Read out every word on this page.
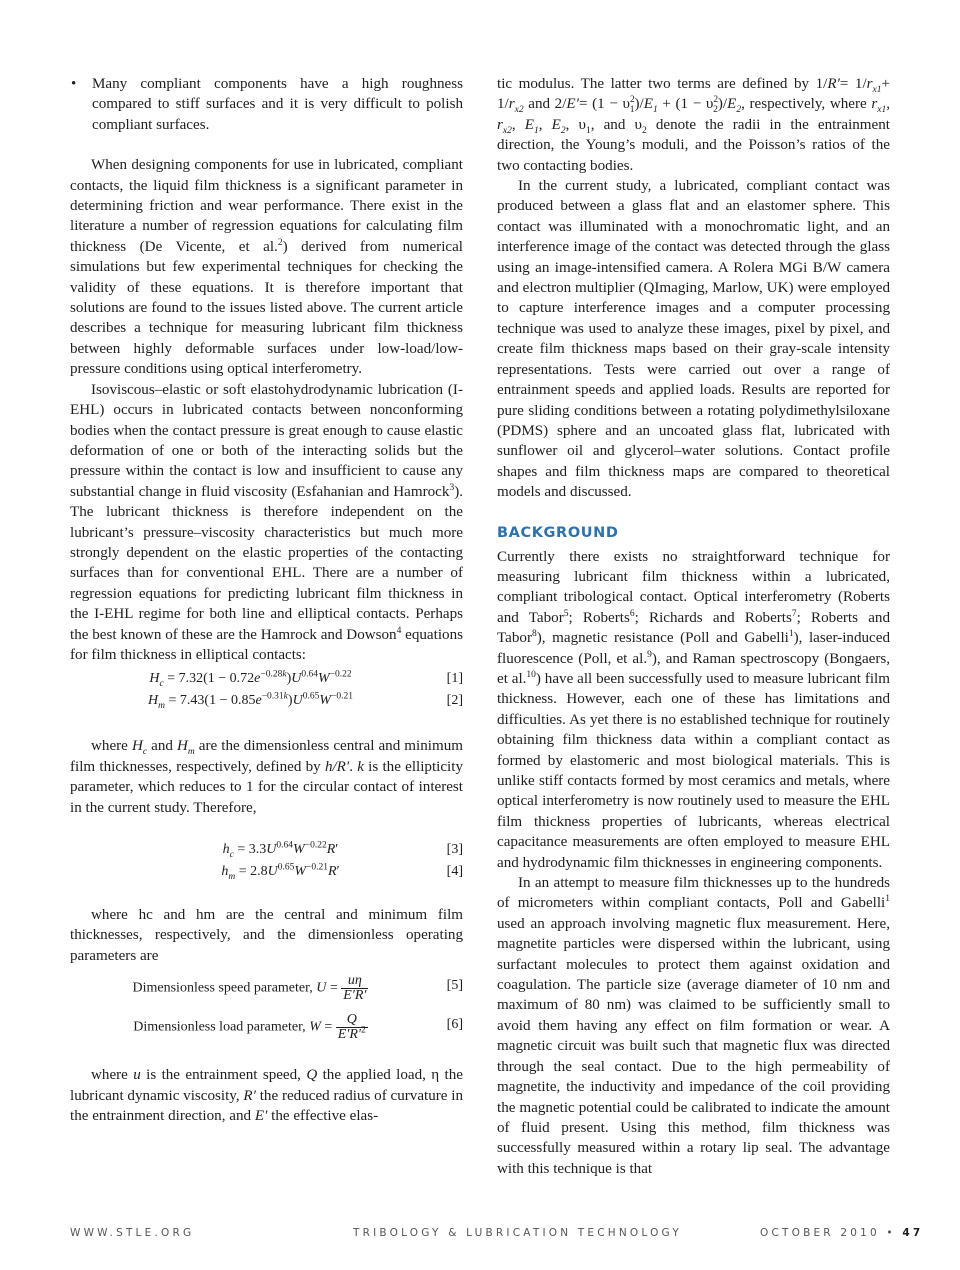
• Many compliant components have a high roughness compared to stiff surfaces and it is very difficult to polish compliant surfaces.

When designing components for use in lubricated, compliant contacts, the liquid film thickness is a significant parameter in determining friction and wear performance. There exist in the literature a number of regression equations for calculating film thickness (De Vicente, et al.$^2$) derived from numerical simulations but few experimental techniques for checking the validity of these equations. It is therefore important that solutions are found to the issues listed above. The current article describes a technique for measuring lubricant film thickness between highly deformable surfaces under low-load/low-pressure conditions using optical interferometry.

Isoviscous–elastic or soft elastohydrodynamic lubrication (I-EHL) occurs in lubricated contacts between nonconforming bodies when the contact pressure is great enough to cause elastic deformation of one or both of the interacting solids but the pressure within the contact is low and insufficient to cause any substantial change in fluid viscosity (Esfahanian and Hamrock$^3$). The lubricant thickness is therefore independent on the lubricant’s pressure–viscosity characteristics but much more strongly dependent on the elastic properties of the contacting surfaces than for conventional EHL. There are a number of regression equations for predicting lubricant film thickness in the I-EHL regime for both line and elliptical contacts. Perhaps the best known of these are the Hamrock and Dowson$^4$ equations for film thickness in elliptical contacts:

$H_c = 7.32(1 - 0.72e^{-0.28k})U^{0.64}W^{-0.22}$	[1]
$H_m = 7.43(1 - 0.85e^{-0.31k})U^{0.65}W^{-0.21}$	[2]

where $H_c$ and $H_m$ are the dimensionless central and minimum film thicknesses, respectively, defined by h/R′. k is the ellipticity parameter, which reduces to 1 for the circular contact of interest in the current study. Therefore,

$h_c = 3.3U^{0.64}W^{-0.22}R'$	[3]
$h_m = 2.8U^{0.65}W^{-0.21}R'$	[4]

where hc and hm are the central and minimum film thicknesses, respectively, and the dimensionless operating parameters are

Dimensionless speed parameter, $U = \frac{u\eta}{E'R'}$	[5]
Dimensionless load parameter, $W = \frac{Q}{E'R'^2}$	[6]

where u is the entrainment speed, Q the applied load, η the lubricant dynamic viscosity, R′ the reduced radius of curvature in the entrainment direction, and E′ the effective elas-

tic modulus. The latter two terms are defined by $1/R'= 1/r_{x1}+ 1/r_{x2}$ and $2/E'= (1 - \upsilon^2_1)/E_1 + (1 - \upsilon^2_2)/E_2$, respectively, where $r_{x1}$, $r_{x2}$, $E_1$, $E_2$, $\upsilon_1$, and $\upsilon_2$ denote the radii in the entrainment direction, the Young’s moduli, and the Poisson’s ratios of the two contacting bodies.

In the current study, a lubricated, compliant contact was produced between a glass flat and an elastomer sphere. This contact was illuminated with a monochromatic light, and an interference image of the contact was detected through the glass using an image-intensified camera. A Rolera MGi B/W camera and electron multiplier (QImaging, Marlow, UK) were employed to capture interference images and a computer processing technique was used to analyze these images, pixel by pixel, and create film thickness maps based on their gray-scale intensity representations. Tests were carried out over a range of entrainment speeds and applied loads. Results are reported for pure sliding conditions between a rotating polydimethylsiloxane (PDMS) sphere and an uncoated glass flat, lubricated with sunflower oil and glycerol–water solutions. Contact profile shapes and film thickness maps are compared to theoretical models and discussed.

BACKGROUND

Currently there exists no straightforward technique for measuring lubricant film thickness within a lubricated, compliant tribological contact. Optical interferometry (Roberts and Tabor$^5$; Roberts$^6$; Richards and Roberts$^7$; Roberts and Tabor$^8$), magnetic resistance (Poll and Gabelli$^1$), laser-induced fluorescence (Poll, et al.$^9$), and Raman spectroscopy (Bongaers, et al.$^{10}$) have all been successfully used to measure lubricant film thickness. However, each one of these has limitations and difficulties. As yet there is no established technique for routinely obtaining film thickness data within a compliant contact as formed by elastomeric and most biological materials. This is unlike stiff contacts formed by most ceramics and metals, where optical interferometry is now routinely used to measure the EHL film thickness properties of lubricants, whereas electrical capacitance measurements are often employed to measure EHL and hydrodynamic film thicknesses in engineering components.

In an attempt to measure film thicknesses up to the hundreds of micrometers within compliant contacts, Poll and Gabelli$^1$ used an approach involving magnetic flux measurement. Here, magnetite particles were dispersed within the lubricant, using surfactant molecules to protect them against oxidation and coagulation. The particle size (average diameter of 10 nm and maximum of 80 nm) was claimed to be sufficiently small to avoid them having any effect on film formation or wear. A magnetic circuit was built such that magnetic flux was directed through the seal contact. Due to the high permeability of magnetite, the inductivity and impedance of the coil providing the magnetic potential could be calibrated to indicate the amount of fluid present. Using this method, film thickness was successfully measured within a rotary lip seal. The advantage with this technique is that

WWW.STLE.ORG	TRIBOLOGY & LUBRICATION TECHNOLOGY	OCTOBER 2010 • 47
